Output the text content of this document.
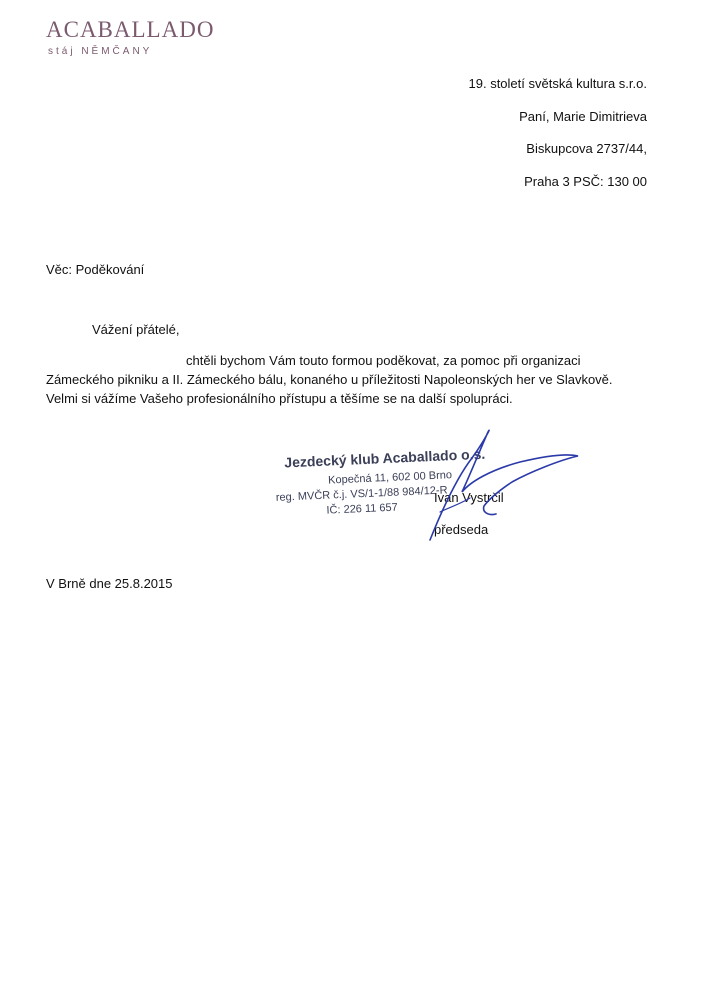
ACABALLADO
stáj NĚMČANY
19. století světská kultura s.r.o.
Paní, Marie Dimitrieva
Biskupcova 2737/44,
Praha 3 PSČ: 130 00
Věc: Poděkování
Vážení přátelé,
chtěli bychom Vám touto formou poděkovat, za pomoc při organizaci
Zámeckého pikniku a II. Zámeckého bálu, konaného u příležitosti Napoleonských her ve Slavkově.
Velmi si vážíme Vašeho profesionálního přístupu a těšíme se na další spolupráci.
Jezdecký klub Acaballado o.s.
Kopečná 11, 602 00 Brno
reg. MVČR č.j. VS/1-1/88 984/12-R
IČ: 226 11 657
Ivan Vystrčil
předseda
V Brně dne 25.8.2015
